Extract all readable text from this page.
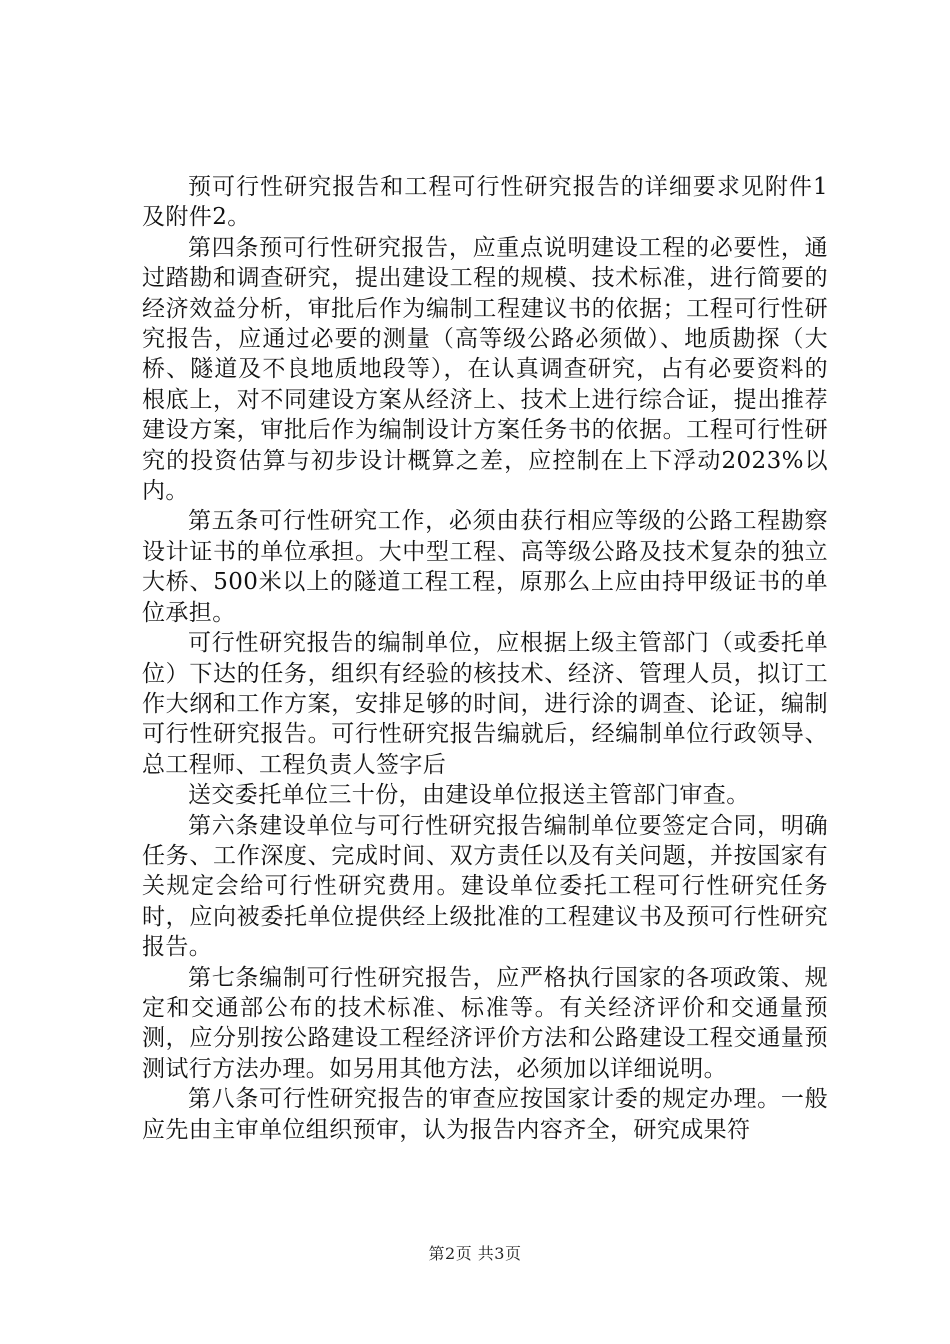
预可行性研究报告和工程可行性研究报告的详细要求见附件1及附件2。

第四条预可行性研究报告，应重点说明建设工程的必要性，通过踏勘和调查研究，提出建设工程的规模、技术标准，进行简要的经济效益分析，审批后作为编制工程建议书的依据；工程可行性研究报告，应通过必要的测量（高等级公路必须做）、地质勘探（大桥、隧道及不良地质地段等），在认真调查研究，占有必要资料的根底上，对不同建设方案从经济上、技术上进行综合证，提出推荐建设方案，审批后作为编制设计方案任务书的依据。工程可行性研究的投资估算与初步设计概算之差，应控制在上下浮动2023%以内。

第五条可行性研究工作，必须由获行相应等级的公路工程勘察设计证书的单位承担。大中型工程、高等级公路及技术复杂的独立大桥、500米以上的隧道工程工程，原那么上应由持甲级证书的单位承担。

可行性研究报告的编制单位，应根据上级主管部门（或委托单位）下达的任务，组织有经验的核技术、经济、管理人员，拟订工作大纲和工作方案，安排足够的时间，进行涂的调查、论证，编制可行性研究报告。可行性研究报告编就后，经编制单位行政领导、总工程师、工程负责人签字后

送交委托单位三十份，由建设单位报送主管部门审查。

第六条建设单位与可行性研究报告编制单位要签定合同，明确任务、工作深度、完成时间、双方责任以及有关问题，并按国家有关规定会给可行性研究费用。建设单位委托工程可行性研究任务时，应向被委托单位提供经上级批准的工程建议书及预可行性研究报告。

第七条编制可行性研究报告，应严格执行国家的各项政策、规定和交通部公布的技术标准、标准等。有关经济评价和交通量预测，应分别按公路建设工程经济评价方法和公路建设工程交通量预测试行方法办理。如另用其他方法，必须加以详细说明。

第八条可行性研究报告的审查应按国家计委的规定办理。一般应先由主审单位组织预审，认为报告内容齐全，研究成果符

第2页 共3页
